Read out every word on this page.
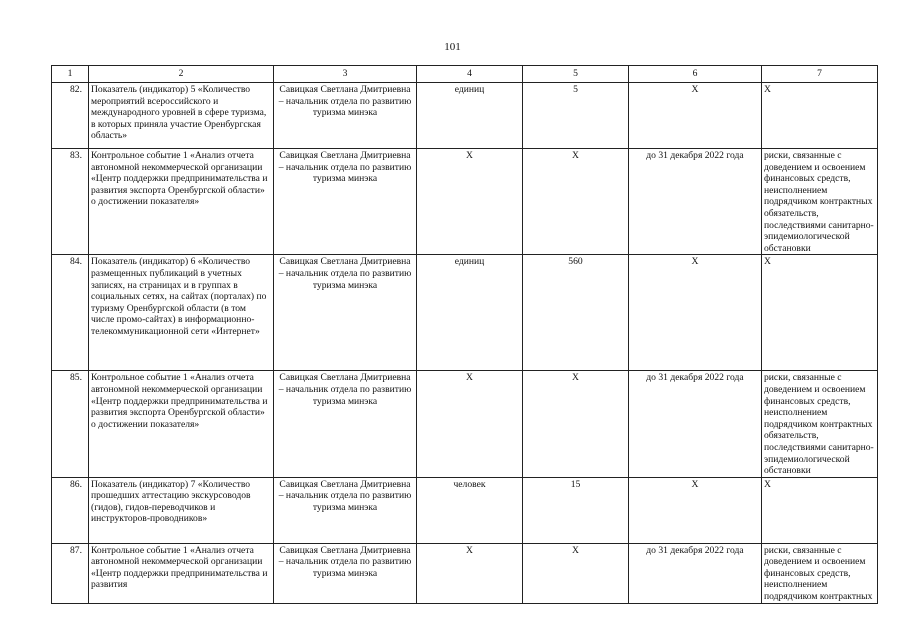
101
1	2	3	4	5	6	7
82.	Показатель (индикатор) 5 «Количество мероприятий всероссийского и международного уровней в сфере туризма, в которых приняла участие Оренбургская область»	Савицкая Светлана Дмитриевна – начальник отдела по развитию туризма минэка	единиц	5	Х	Х
83.	Контрольное событие 1 «Анализ отчета автономной некоммерческой организации «Центр поддержки предпринимательства и развития экспорта Оренбургской области» о достижении показателя»	Савицкая Светлана Дмитриевна – начальник отдела по развитию туризма минэка	Х	Х	до 31 декабря 2022 года	риски, связанные с доведением и освоением финансовых средств, неисполнением подрядчиком контрактных обязательств, последствиями санитарно-эпидемиологической обстановки
84.	Показатель (индикатор) 6 «Количество размещенных публикаций в учетных записях, на страницах и в группах в социальных сетях, на сайтах (порталах) по туризму Оренбургской области (в том числе промо-сайтах) в информационно-телекоммуникационной сети «Интернет»	Савицкая Светлана Дмитриевна – начальник отдела по развитию туризма минэка	единиц	560	Х	Х
85.	Контрольное событие 1 «Анализ отчета автономной некоммерческой организации «Центр поддержки предпринимательства и развития экспорта Оренбургской области» о достижении показателя»	Савицкая Светлана Дмитриевна – начальник отдела по развитию туризма минэка	Х	Х	до 31 декабря 2022 года	риски, связанные с доведением и освоением финансовых средств, неисполнением подрядчиком контрактных обязательств, последствиями санитарно-эпидемиологической обстановки
86.	Показатель (индикатор) 7 «Количество прошедших аттестацию экскурсоводов (гидов), гидов-переводчиков и инструкторов-проводников»	Савицкая Светлана Дмитриевна – начальник отдела по развитию туризма минэка	человек	15	Х	Х
87.	Контрольное событие 1 «Анализ отчета автономной некоммерческой организации «Центр поддержки предпринимательства и развития	Савицкая Светлана Дмитриевна – начальник отдела по развитию туризма минэка	Х	Х	до 31 декабря 2022 года	риски, связанные с доведением и освоением финансовых средств, неисполнением подрядчиком контрактных
